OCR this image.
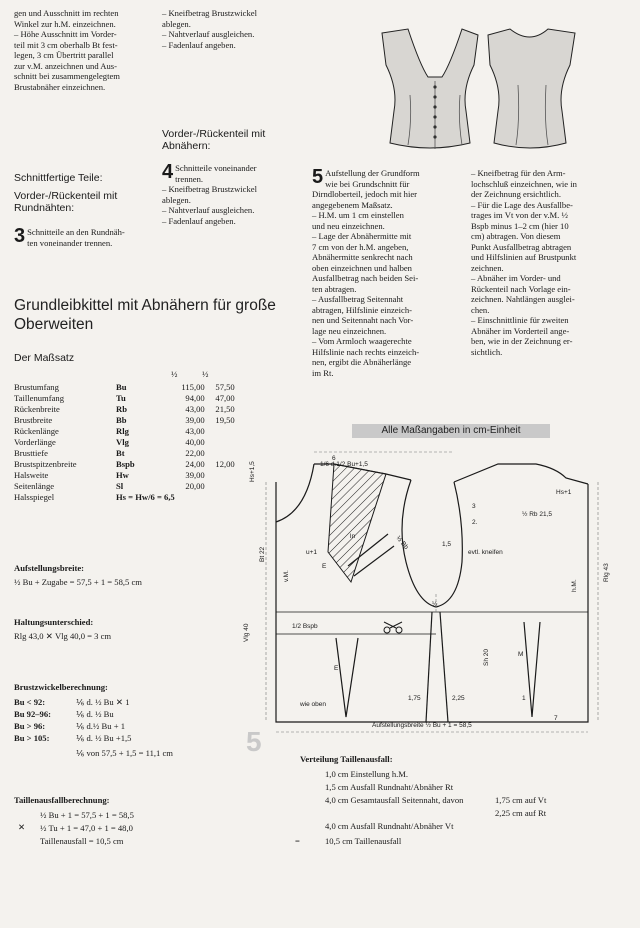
gen und Ausschnitt im rechten
Winkel zur h.M. einzeichnen.
– Höhe Ausschnitt im Vorder-
teil mit 3 cm oberhalb Bt fest-
legen, 3 cm Übertritt parallel
zur v.M. anzeichnen und Aus-
schnitt bei zusammengelegtem
Brustabnäher einzeichnen.
– Kneifbetrag Brustzwickel
ablegen.
– Nahtverlauf ausgleichen.
– Fadenlauf angeben.
Schnittfertige Teile:
Vorder-/Rückenteil mit
Rundnähten:
3 Schnitteile an den Rundnäh-
ten voneinander trennen.
Vorder-/Rückenteil mit
Abnähern:
4 Schnitteile voneinander
trennen.
– Kneifbetrag Brustzwickel
ablegen.
– Nahtverlauf ausgleichen.
– Fadenlauf angeben.
5 Aufstellung der Grundform
wie bei Grundschnitt für
Dirndloberteil, jedoch mit hier
angegebenem Maßsatz.
– H.M. um 1 cm einstellen
und neu einzeichnen.
– Lage der Abnähermitte mit
7 cm von der h.M. angeben,
Abnähermitte senkrecht nach
oben einzeichnen und halben
Ausfallbetrag nach beiden Sei-
ten abtragen.
– Ausfallbetrag Seitennaht
abtragen, Hilfslinie einzeich-
nen und Seitennaht nach Vor-
lage neu einzeichnen.
– Vom Armloch waagerechte
Hilfslinie nach rechts einzeich-
nen, ergibt die Abnäherlänge
im Rt.
– Kneifbetrag für den Arm-
lochschluß einzeichnen, wie in
der Zeichnung ersichtlich.
– Für die Lage des Ausfallbe-
trages im Vt von der v.M. ½
Bspb minus 1–2 cm (hier 10
cm) abtragen. Von diesem
Punkt Ausfallbetrag abtragen
und Hilfslinien auf Brustpunkt
zeichnen.
– Abnäher im Vorder- und
Rückenteil nach Vorlage ein-
zeichnen. Nahtlängen ausglei-
chen.
– Einschnittlinie für zweiten
Abnäher im Vorderteil ange-
ben, wie in der Zeichnung er-
sichtlich.
Grundleibkittel mit Abnähern für große
Oberweiten
Der Maßsatz
½	½
Brustumfang	Bu	115,00	57,50
Taillenumfang	Tu	94,00	47,00
Rückenbreite	Rb	43,00	21,50
Brustbreite	Bb	39,00	19,50
Rückenlänge	Rlg	43,00	
Vorderlänge	Vlg	40,00	
Brusttiefe	Bt	22,00	
Brustspitzenbreite	Bspb	24,00	12,00
Halsweite	Hw	39,00	
Seitenlänge	Sl	20,00	
Halsspiegel	Hs = Hw/6 = 6,5		
Aufstellungsbreite:
½ Bu + Zugabe = 57,5 + 1 = 58,5 cm
Haltungsunterschied:
Rlg 43,0 ✕ Vlg 40,0 = 3 cm
Brustzwickelberechnung:
Bu < 92:	⅙ d. ½ Bu ✕ 1
Bu 92–96:	⅙ d. ½ Bu
Bu > 96:	⅙ d.½ Bu + 1
Bu > 105:	⅙ d. ½ Bu +1,5
⅙ von 57,5 + 1,5 = 11,1 cm
Taillenausfallberechnung:
½ Bu + 1 = 57,5 + 1 = 58,5
✕ ½ Tu + 1 = 47,0 + 1 = 48,0
Taillenausfall = 10,5 cm
Alle Maßangaben in cm-Einheit
1/6 d.1/2 Bu+1,5
Hs+1,5
Hs+1
Bt 22
v.M.
Vlg 40
Rlg 43
h.M.
½ Rb 21,5
1/2 Bspb
Sh 20
evtl. kneifen
1,5
½
½ Bb
u+1
2.
3
6
7
1,75	2,25	1
wie oben
Aufstellungsbreite ½ Bu + 1 = 58,5
ln
E
E
M
5
Verteilung Taillenausfall:
1,0 cm Einstellung h.M.
1,5 cm Ausfall Rundnaht/Abnäher Rt
4,0 cm Gesamtausfall Seitennaht, davon	1,75 cm auf Vt
2,25 cm auf Rt
4,0 cm Ausfall Rundnaht/Abnäher Vt
=	10,5 cm Taillenausfall
